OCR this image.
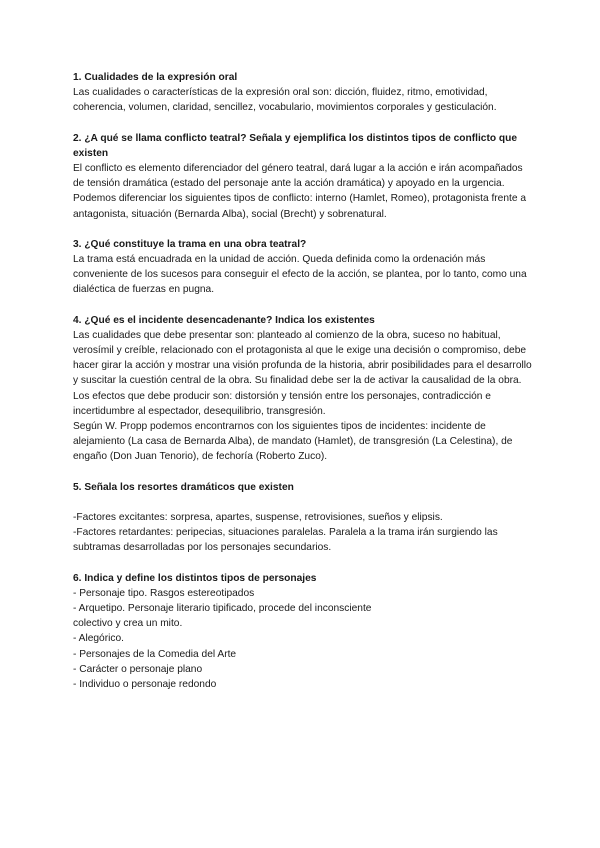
1. Cualidades de la expresión oral

Las cualidades o características de la expresión oral son: dicción, fluidez, ritmo, emotividad, coherencia, volumen, claridad, sencillez, vocabulario, movimientos corporales y gesticulación.

2. ¿A qué se llama conflicto teatral? Señala y ejemplifica los distintos tipos de conflicto que existen

El conflicto es elemento diferenciador del género teatral, dará lugar a la acción e irán acompañados de tensión dramática (estado del personaje ante la acción dramática) y apoyado en la urgencia.

Podemos diferenciar los siguientes tipos de conflicto: interno (Hamlet, Romeo), protagonista frente a antagonista, situación (Bernarda Alba), social (Brecht) y sobrenatural.

3. ¿Qué constituye la trama en una obra teatral?

La trama está encuadrada en la unidad de acción. Queda definida como la ordenación más conveniente de los sucesos para conseguir el efecto de la acción, se plantea, por lo tanto, como una dialéctica de fuerzas en pugna.

4. ¿Qué es el incidente desencadenante? Indica los existentes

Las cualidades que debe presentar son: planteado al comienzo de la obra, suceso no habitual, verosímil y creíble, relacionado con el protagonista al que le exige una decisión o compromiso, debe hacer girar la acción y mostrar una visión profunda de la historia, abrir posibilidades para el desarrollo y suscitar la cuestión central de la obra. Su finalidad debe ser la de activar la causalidad de la obra. Los efectos que debe producir son: distorsión y tensión entre los personajes, contradicción e incertidumbre al espectador, desequilibrio, transgresión.

Según W. Propp podemos encontrarnos con los siguientes tipos de incidentes: incidente de alejamiento (La casa de Bernarda Alba), de mandato (Hamlet), de transgresión (La Celestina), de engaño (Don Juan Tenorio), de fechoría (Roberto Zuco).

5. Señala los resortes dramáticos que existen

-Factores excitantes: sorpresa, apartes, suspense, retrovisiones, sueños y elipsis.

-Factores retardantes: peripecias, situaciones paralelas. Paralela a la trama irán surgiendo las subtramas desarrolladas por los personajes secundarios.

6. Indica y define los distintos tipos de personajes

- Personaje tipo. Rasgos estereotipados
- Arquetipo. Personaje literario tipificado, procede del inconsciente
colectivo y crea un mito.
- Alegórico.
- Personajes de la Comedia del Arte
- Carácter o personaje plano
- Individuo o personaje redondo
